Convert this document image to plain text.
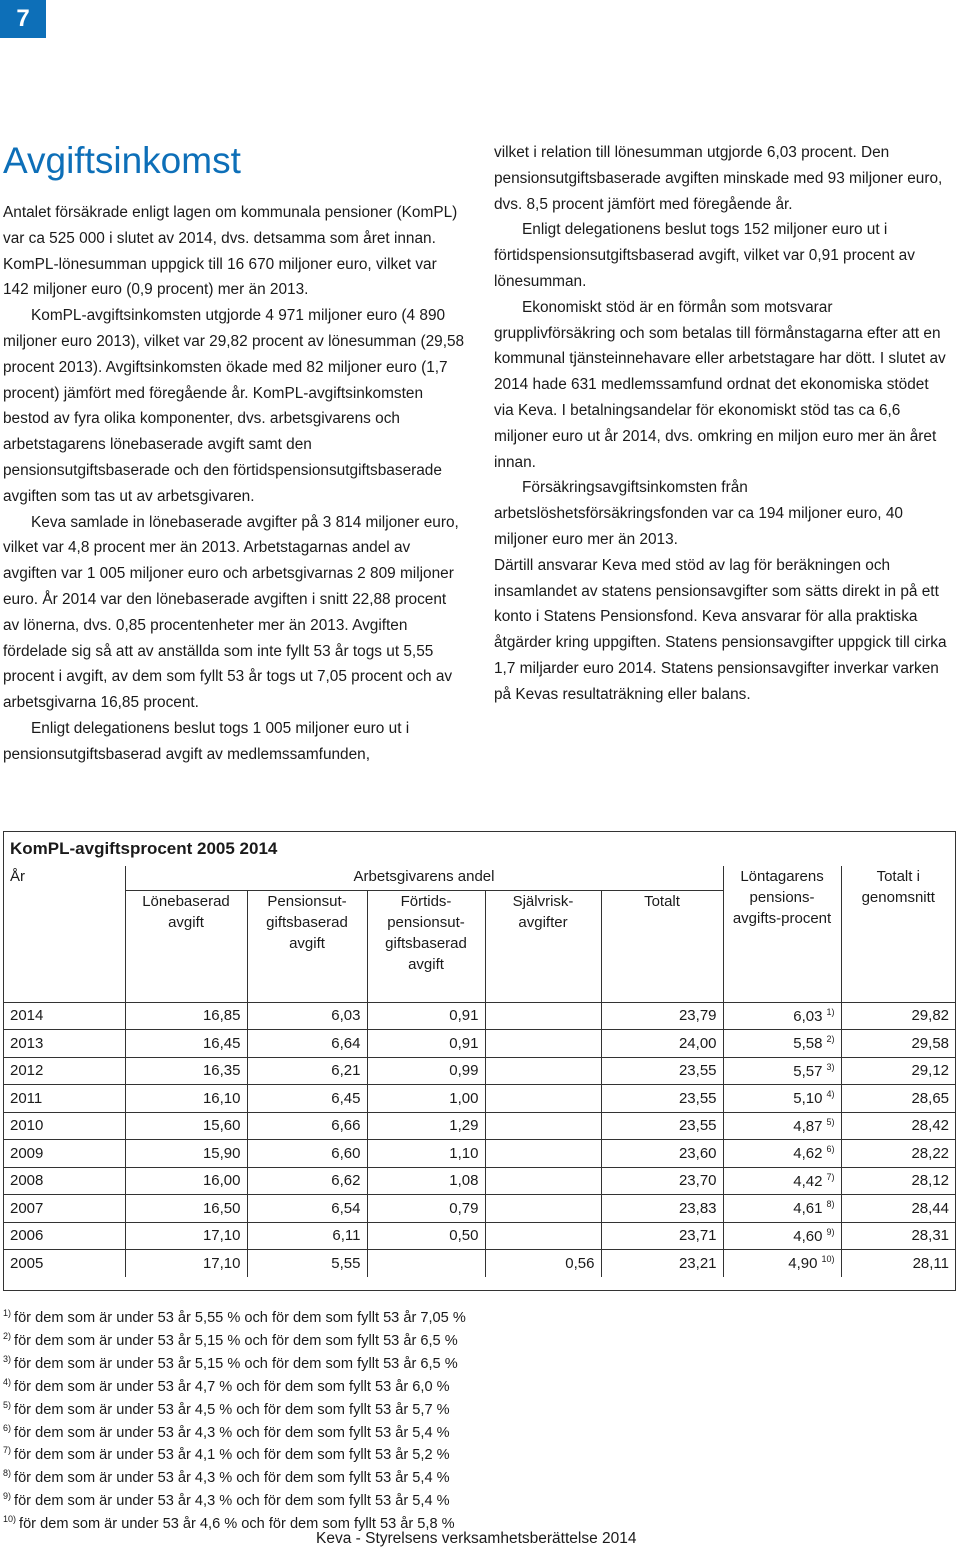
7
Avgiftsinkomst

Antalet försäkrade enligt lagen om kommunala pensioner (KomPL) var ca 525 000 i slutet av 2014, dvs. detsamma som året innan. KomPL-lönesumman uppgick till 16 670 miljoner euro, vilket var 142 miljoner euro (0,9 procent) mer än 2013.

KomPL-avgiftsinkomsten utgjorde 4 971 miljoner euro (4 890 miljoner euro 2013), vilket var 29,82 procent av lönesumman (29,58 procent 2013). Avgiftsinkomsten ökade med 82 miljoner euro (1,7 procent) jämfört med föregående år. KomPL-avgiftsinkomsten bestod av fyra olika komponenter, dvs. arbetsgivarens och arbetstagarens lönebaserade avgift samt den pensionsutgiftsbaserade och den förtidspensionsutgiftsbaserade avgiften som tas ut av arbetsgivaren.

Keva samlade in lönebaserade avgifter på 3 814 miljoner euro, vilket var 4,8 procent mer än 2013. Arbetstagarnas andel av avgiften var 1 005 miljoner euro och arbetsgivarnas 2 809 miljoner euro. År 2014 var den lönebaserade avgiften i snitt 22,88 procent av lönerna, dvs. 0,85 procentenheter mer än 2013. Avgiften fördelade sig så att av anställda som inte fyllt 53 år togs ut 5,55 procent i avgift, av dem som fyllt 53 år togs ut 7,05 procent och av arbetsgivarna 16,85 procent.

Enligt delegationens beslut togs 1 005 miljoner euro ut i pensionsutgiftsbaserad avgift av medlemssamfunden,

vilket i relation till lönesumman utgjorde 6,03 procent. Den pensionsutgiftsbaserade avgiften minskade med 93 miljoner euro, dvs. 8,5 procent jämfört med föregående år.

Enligt delegationens beslut togs 152 miljoner euro ut i förtidspensionsutgiftsbaserad avgift, vilket var 0,91 procent av lönesumman.

Ekonomiskt stöd är en förmån som motsvarar grupplivförsäkring och som betalas till förmånstagarna efter att en kommunal tjänsteinnehavare eller arbetstagare har dött. I slutet av 2014 hade 631 medlemssamfund ordnat det ekonomiska stödet via Keva. I betalningsandelar för ekonomiskt stöd tas ca 6,6 miljoner euro ut år 2014, dvs. omkring en miljon euro mer än året innan.

Försäkringsavgiftsinkomsten från arbetslöshetsförsäkringsfonden var ca 194 miljoner euro, 40 miljoner euro mer än 2013.

Därtill ansvarar Keva med stöd av lag för beräkningen och insamlandet av statens pensionsavgifter som sätts direkt in på ett konto i Statens Pensionsfond. Keva ansvarar för alla praktiska åtgärder kring uppgiften. Statens pensionsavgifter uppgick till cirka 1,7 miljarder euro 2014. Statens pensionsavgifter inverkar varken på Kevas resultaträkning eller balans.

KomPL-avgiftsprocent 2005 2014
År	Arbetsgivarens andel					Löntagarens pensions-avgifts-procent	Totalt i genomsnitt
	Lönebaserad avgift	Pensionsut-giftsbaserad avgift	Förtids-pensionsut-giftsbaserad avgift	Självrisk-avgifter	Totalt		
2014	16,85	6,03	0,91		23,79	6,03 $^{1)}$	29,82
2013	16,45	6,64	0,91		24,00	5,58 $^{2)}$	29,58
2012	16,35	6,21	0,99		23,55	5,57 $^{3)}$	29,12
2011	16,10	6,45	1,00		23,55	5,10 $^{4)}$	28,65
2010	15,60	6,66	1,29		23,55	4,87 $^{5)}$	28,42
2009	15,90	6,60	1,10		23,60	4,62 $^{6)}$	28,22
2008	16,00	6,62	1,08		23,70	4,42 $^{7)}$	28,12
2007	16,50	6,54	0,79		23,83	4,61 $^{8)}$	28,44
2006	17,10	6,11	0,50		23,71	4,60 $^{9)}$	28,31
2005	17,10	5,55		0,56	23,21	4,90 $^{10)}$	28,11
$^{1)}$ för dem som är under 53 år 5,55 % och för dem som fyllt 53 år 7,05 %
$^{2)}$ för dem som är under 53 år 5,15 % och för dem som fyllt 53 år 6,5 %
$^{3)}$ för dem som är under 53 år 5,15 % och för dem som fyllt 53 år 6,5 %
$^{4)}$ för dem som är under 53 år 4,7 % och för dem som fyllt 53 år 6,0 %
$^{5)}$ för dem som är under 53 år 4,5 % och för dem som fyllt 53 år 5,7 %
$^{6)}$ för dem som är under 53 år 4,3 % och för dem som fyllt 53 år 5,4 %
$^{7)}$ för dem som är under 53 år 4,1 % och för dem som fyllt 53 år 5,2 %
$^{8)}$ för dem som är under 53 år 4,3 % och för dem som fyllt 53 år 5,4 %
$^{9)}$ för dem som är under 53 år 4,3 % och för dem som fyllt 53 år 5,4 %
$^{10)}$ för dem som är under 53 år 4,6 % och för dem som fyllt 53 år 5,8 %
Keva - Styrelsens verksamhetsberättelse 2014
